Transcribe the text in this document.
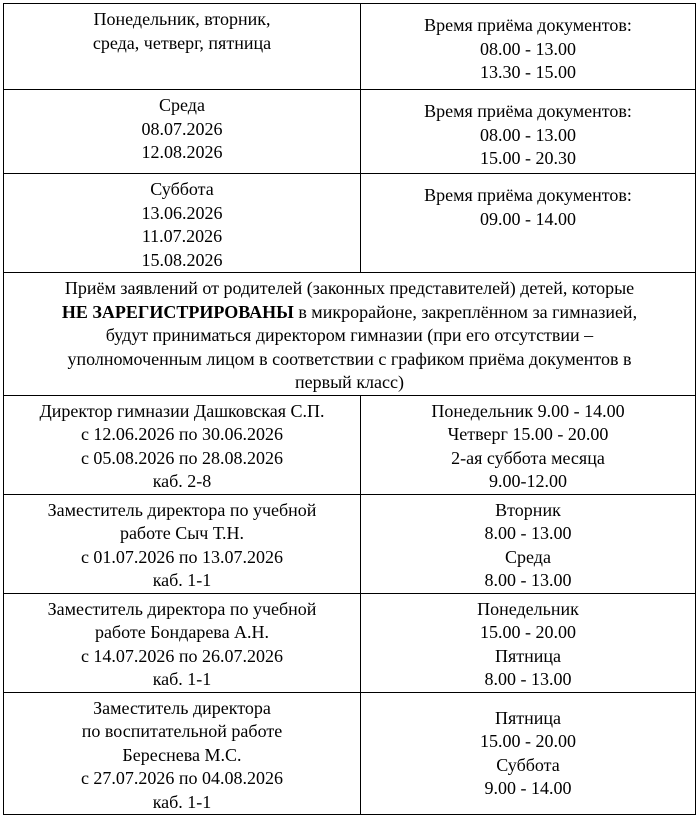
Понедельник, вторник,
среда, четверг, пятница	Время приёма документов:
08.00 - 13.00
13.30 - 15.00

Среда
08.07.2026
12.08.2026	Время приёма документов:
08.00 - 13.00
15.00 - 20.30

Суббота
13.06.2026
11.07.2026
15.08.2026	Время приёма документов:
09.00 - 14.00

Приём заявлений от родителей (законных представителей) детей, которые
НЕ ЗАРЕГИСТРИРОВАНЫ в микрорайоне, закреплённом за гимназией,
будут приниматься директором гимназии (при его отсутствии –
уполномоченным лицом в соответствии с графиком приёма документов в
первый класс)	

Директор гимназии Дашковская С.П.
с 12.06.2026 по 30.06.2026
с 05.08.2026 по 28.08.2026
каб. 2-8	Понедельник 9.00 - 14.00
Четверг 15.00 - 20.00
2-ая суббота месяца
9.00-12.00

Заместитель директора по учебной
работе Сыч Т.Н.
с 01.07.2026 по 13.07.2026
каб. 1-1	Вторник
8.00 - 13.00
Среда
8.00 - 13.00

Заместитель директора по учебной
работе Бондарева А.Н.
с 14.07.2026 по 26.07.2026
каб. 1-1	Понедельник
15.00 - 20.00
Пятница
8.00 - 13.00

Заместитель директора
по воспитательной работе
Береснева М.С.
с 27.07.2026 по 04.08.2026
каб. 1-1	Пятница
15.00 - 20.00
Суббота
9.00 - 14.00
